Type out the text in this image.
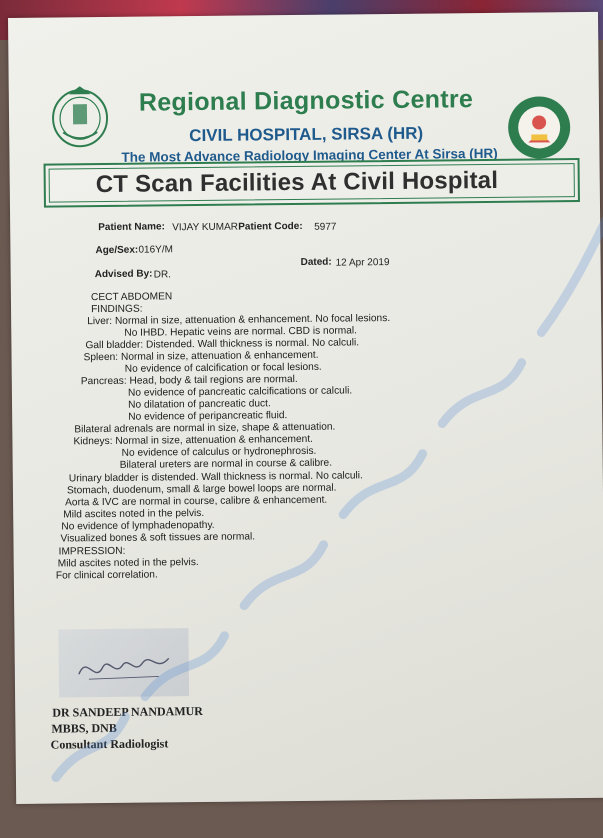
Regional Diagnostic Centre
CIVIL HOSPITAL, SIRSA (HR)
The Most Advance Radiology Imaging Center At Sirsa (HR)
CT Scan Facilities At Civil Hospital
Patient Name: VIJAY KUMAR Patient Code: 5977
Age/Sex: 016Y/M
Dated: 12 Apr 2019
Advised By: DR.
CECT ABDOMEN
FINDINGS:
Liver: Normal in size, attenuation & enhancement. No focal lesions.
No IHBD. Hepatic veins are normal. CBD is normal.
Gall bladder: Distended. Wall thickness is normal. No calculi.
Spleen: Normal in size, attenuation & enhancement.
No evidence of calcification or focal lesions.
Pancreas: Head, body & tail regions are normal.
No evidence of pancreatic calcifications or calculi.
No dilatation of pancreatic duct.
No evidence of peripancreatic fluid.
Bilateral adrenals are normal in size, shape & attenuation.
Kidneys: Normal in size, attenuation & enhancement.
No evidence of calculus or hydronephrosis.
Bilateral ureters are normal in course & calibre.
Urinary bladder is distended. Wall thickness is normal. No calculi.
Stomach, duodenum, small & large bowel loops are normal.
Aorta & IVC are normal in course, calibre & enhancement.
Mild ascites noted in the pelvis.
No evidence of lymphadenopathy.
Visualized bones & soft tissues are normal.
IMPRESSION:
Mild ascites noted in the pelvis.
For clinical correlation.
DR SANDEEP NANDAMUR
MBBS, DNB
Consultant Radiologist
